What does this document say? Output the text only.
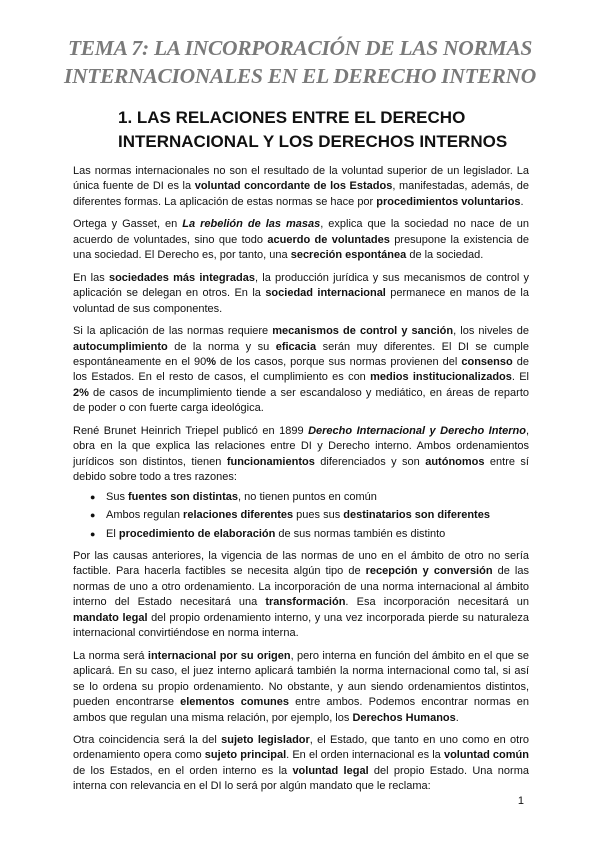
TEMA 7: LA INCORPORACIÓN DE LAS NORMAS
INTERNACIONALES EN EL DERECHO INTERNO
1. LAS RELACIONES ENTRE EL DERECHO
INTERNACIONAL Y LOS DERECHOS INTERNOS

Las normas internacionales no son el resultado de la voluntad superior de un legislador. La única fuente de DI es la voluntad concordante de los Estados, manifestadas, además, de diferentes formas. La aplicación de estas normas se hace por procedimientos voluntarios.

Ortega y Gasset, en La rebelión de las masas, explica que la sociedad no nace de un acuerdo de voluntades, sino que todo acuerdo de voluntades presupone la existencia de una sociedad. El Derecho es, por tanto, una secreción espontánea de la sociedad.

En las sociedades más integradas, la producción jurídica y sus mecanismos de control y aplicación se delegan en otros. En la sociedad internacional permanece en manos de la voluntad de sus componentes.

Si la aplicación de las normas requiere mecanismos de control y sanción, los niveles de autocumplimiento de la norma y su eficacia serán muy diferentes. El DI se cumple espontáneamente en el 90% de los casos, porque sus normas provienen del consenso de los Estados. En el resto de casos, el cumplimiento es con medios institucionalizados. El 2% de casos de incumplimiento tiende a ser escandaloso y mediático, en áreas de reparto de poder o con fuerte carga ideológica.

René Brunet Heinrich Triepel publicó en 1899 Derecho Internacional y Derecho Interno, obra en la que explica las relaciones entre DI y Derecho interno. Ambos ordenamientos jurídicos son distintos, tienen funcionamientos diferenciados y son autónomos entre sí debido sobre todo a tres razones:

● Sus fuentes son distintas, no tienen puntos en común
● Ambos regulan relaciones diferentes pues sus destinatarios son diferentes
● El procedimiento de elaboración de sus normas también es distinto

Por las causas anteriores, la vigencia de las normas de uno en el ámbito de otro no sería factible. Para hacerla factibles se necesita algún tipo de recepción y conversión de las normas de uno a otro ordenamiento. La incorporación de una norma internacional al ámbito interno del Estado necesitará una transformación. Esa incorporación necesitará un mandato legal del propio ordenamiento interno, y una vez incorporada pierde su naturaleza internacional convirtiéndose en norma interna.

La norma será internacional por su origen, pero interna en función del ámbito en el que se aplicará. En su caso, el juez interno aplicará también la norma internacional como tal, si así se lo ordena su propio ordenamiento. No obstante, y aun siendo ordenamientos distintos, pueden encontrarse elementos comunes entre ambos. Podemos encontrar normas en ambos que regulan una misma relación, por ejemplo, los Derechos Humanos.

Otra coincidencia será la del sujeto legislador, el Estado, que tanto en uno como en otro ordenamiento opera como sujeto principal. En el orden internacional es la voluntad común de los Estados, en el orden interno es la voluntad legal del propio Estado. Una norma interna con relevancia en el DI lo será por algún mandato que le reclama:

1
